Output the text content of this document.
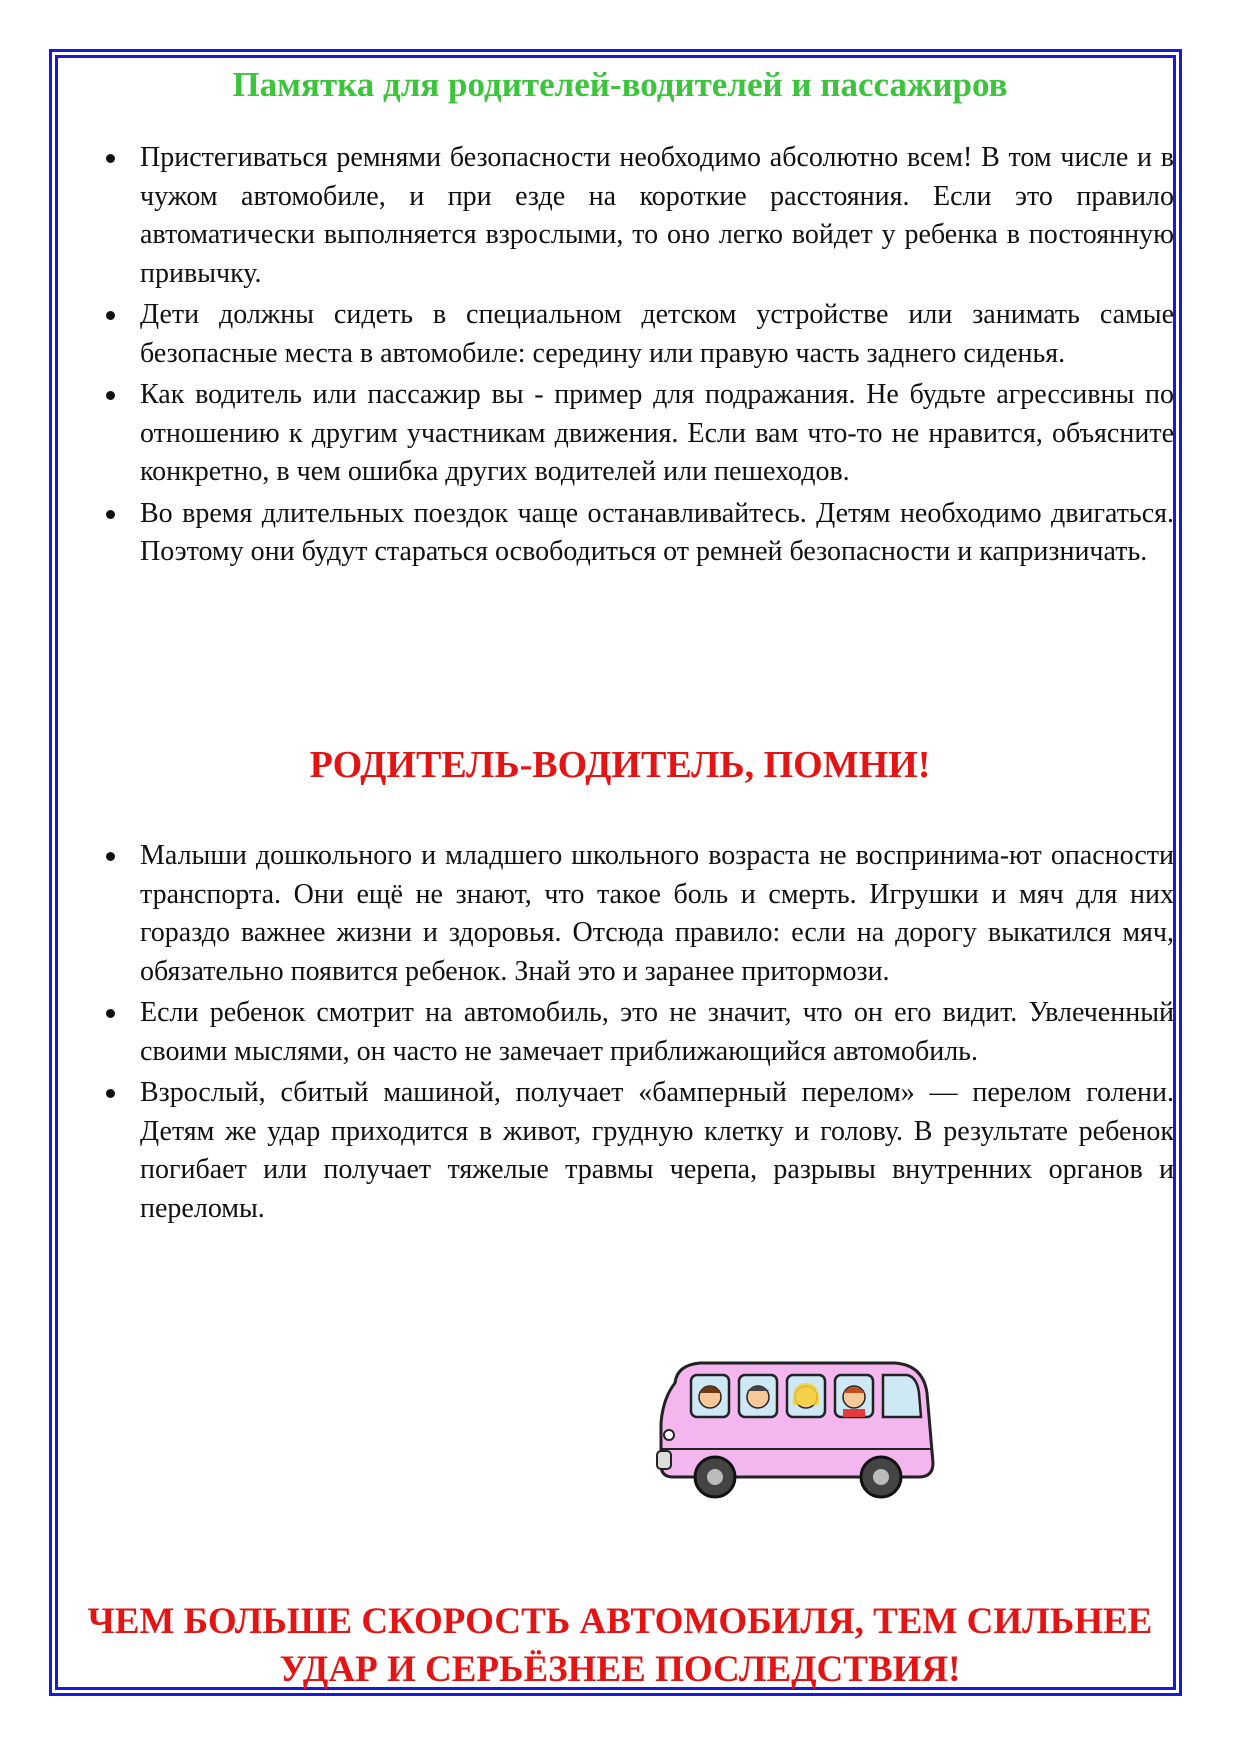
Памятка для родителей-водителей и пассажиров
Пристегиваться ремнями безопасности необходимо абсолютно всем! В том числе и в чужом автомобиле, и при езде на короткие расстояния. Если это правило автоматически выполняется взрослыми, то оно легко войдет у ребенка в постоянную привычку.
Дети должны сидеть в специальном детском устройстве или занимать самые безопасные места в автомобиле: середину или правую часть заднего сиденья.
Как водитель или пассажир вы - пример для подражания. Не будьте агрессивны по отношению к другим участникам движения. Если вам что-то не нравится, объясните конкретно, в чем ошибка других водителей или пешеходов.
Во время длительных поездок чаще останавливайтесь. Детям необходимо двигаться. Поэтому они будут стараться освободиться от ремней безопасности и капризничать.
РОДИТЕЛЬ-ВОДИТЕЛЬ, ПОМНИ!
Малыши дошкольного и младшего школьного возраста не воспринима-ют опасности транспорта. Они ещё не знают, что такое боль и смерть. Игрушки и мяч для них гораздо важнее жизни и здоровья. Отсюда правило: если на дорогу выкатился мяч, обязательно появится ребенок. Знай это и заранее притормози.
Если ребенок смотрит на автомобиль, это не значит, что он его видит. Увлеченный своими мыслями, он часто не замечает приближающийся автомобиль.
Взрослый, сбитый машиной, получает «бамперный перелом» — перелом голени. Детям же удар приходится в живот, грудную клетку и голову. В результате ребенок погибает или получает тяжелые травмы черепа, разрывы внутренних органов и переломы.
ЧЕМ БОЛЬШЕ СКОРОСТЬ АВТОМОБИЛЯ, ТЕМ СИЛЬНЕЕ
УДАР И СЕРЬЁЗНЕЕ ПОСЛЕДСТВИЯ!
